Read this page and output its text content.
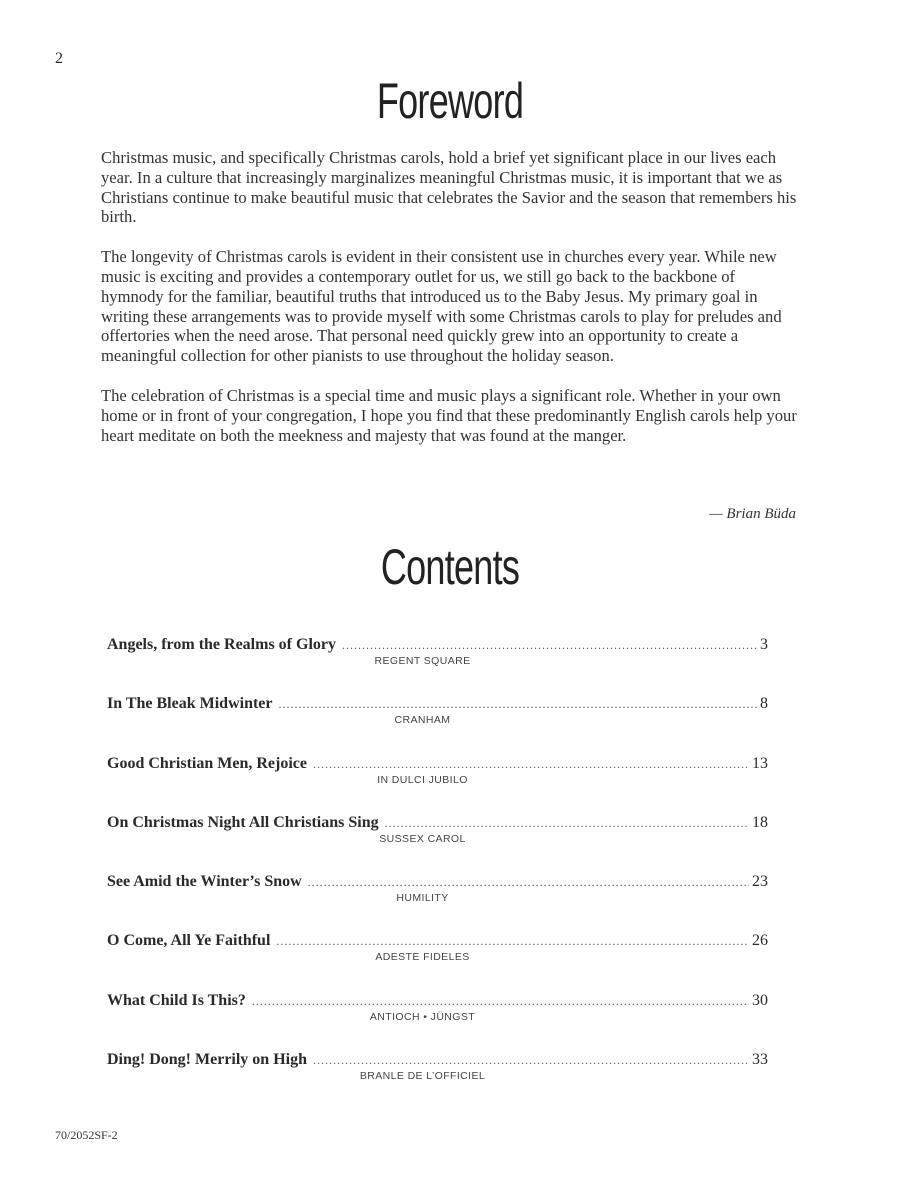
2
Foreword

Christmas music, and specifically Christmas carols, hold a brief yet significant place in our lives each year. In a culture that increasingly marginalizes meaningful Christmas music, it is important that we as Christians continue to make beautiful music that celebrates the Savior and the season that remembers his birth.

The longevity of Christmas carols is evident in their consistent use in churches every year. While new music is exciting and provides a contemporary outlet for us, we still go back to the backbone of hymnody for the familiar, beautiful truths that introduced us to the Baby Jesus. My primary goal in writing these arrangements was to provide myself with some Christmas carols to play for preludes and offertories when the need arose. That personal need quickly grew into an opportunity to create a meaningful collection for other pianists to use throughout the holiday season.

The celebration of Christmas is a special time and music plays a significant role. Whether in your own home or in front of your congregation, I hope you find that these predominantly English carols help your heart meditate on both the meekness and majesty that was found at the manger.

— Brian Büda
Contents
Angels, from the Realms of Glory .....	3
REGENT SQUARE
In The Bleak Midwinter .....	8
CRANHAM
Good Christian Men, Rejoice .....	13
IN DULCI JUBILO
On Christmas Night All Christians Sing .....	18
SUSSEX CAROL
See Amid the Winter’s Snow .....	23
HUMILITY
O Come, All Ye Faithful .....	26
ADESTE FIDELES
What Child Is This? .....	30
ANTIOCH • JÜNGST
Ding! Dong! Merrily on High .....	33
BRANLE DE L’OFFICIEL
70/2052SF-2
